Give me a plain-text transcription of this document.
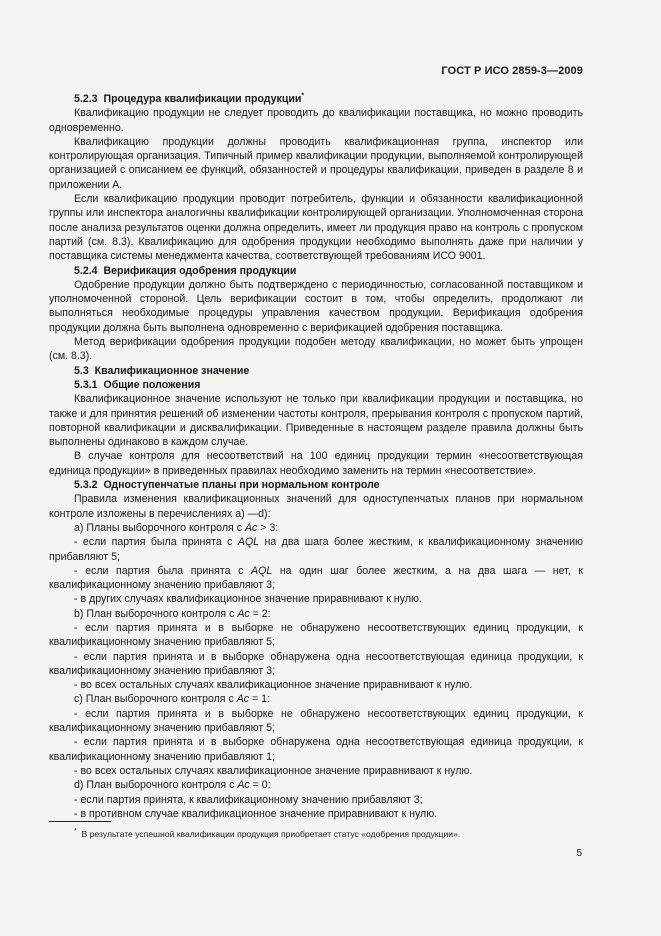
ГОСТ Р ИСО 2859-3—2009

5.2.3 Процедура квалификации продукции*

Квалификацию продукции не следует проводить до квалификации поставщика, но можно проводить одновременно.

Квалификацию продукции должны проводить квалификационная группа, инспектор или контролирующая организация. Типичный пример квалификации продукции, выполняемой контролирующей организацией с описанием ее функций, обязанностей и процедуры квалификации, приведен в разделе 8 и приложении А.

Если квалификацию продукции проводит потребитель, функции и обязанности квалификационной группы или инспектора аналогичны квалификации контролирующей организации. Уполномоченная сторона после анализа результатов оценки должна определить, имеет ли продукция право на контроль с пропуском партий (см. 8.3). Квалификацию для одобрения продукции необходимо выполнять даже при наличии у поставщика системы менеджмента качества, соответствующей требованиям ИСО 9001.

5.2.4 Верификация одобрения продукции

Одобрение продукции должно быть подтверждено с периодичностью, согласованной поставщиком и уполномоченной стороной. Цель верификации состоит в том, чтобы определить, продолжают ли выполняться необходимые процедуры управления качеством продукции. Верификация одобрения продукции должна быть выполнена одновременно с верификацией одобрения поставщика.

Метод верификации одобрения продукции подобен методу квалификации, но может быть упрощен (см. 8.3).

5.3 Квалификационное значение

5.3.1 Общие положения

Квалификационное значение используют не только при квалификации продукции и поставщика, но также и для принятия решений об изменении частоты контроля, прерывания контроля с пропуском партий, повторной квалификации и дисквалификации. Приведенные в настоящем разделе правила должны быть выполнены одинаково в каждом случае.

В случае контроля для несоответствий на 100 единиц продукции термин «несоответствующая единица продукции» в приведенных правилах необходимо заменить на термин «несоответствие».

5.3.2 Одноступенчатые планы при нормальном контроле

Правила изменения квалификационных значений для одноступенчатых планов при нормальном контроле изложены в перечислениях а) —d):

а) Планы выборочного контроля с Ac > 3:

- если партия была принята с AQL на два шага более жестким, к квалификационному значению прибавляют 5;

- если партия была принята с AQL на один шаг более жестким, а на два шага — нет, к квалификационному значению прибавляют 3;

- в других случаях квалификационное значение приравнивают к нулю.

b) План выборочного контроля с Ac = 2:

- если партия принята и в выборке не обнаружено несоответствующих единиц продукции, к квалификационному значению прибавляют 5;

- если партия принята и в выборке обнаружена одна несоответствующая единица продукции, к квалификационному значению прибавляют 3;

- во всех остальных случаях квалификационное значение приравнивают к нулю.

с) План выборочного контроля с Ac = 1:

- если партия принята и в выборке не обнаружено несоответствующих единиц продукции, к квалификационному значению прибавляют 5;

- если партия принята и в выборке обнаружена одна несоответствующая единица продукции, к квалификационному значению прибавляют 1;

- во всех остальных случаях квалификационное значение приравнивают к нулю.

d) План выборочного контроля с Ac = 0:

- если партия принята, к квалификационному значению прибавляют 3;

- в противном случае квалификационное значение приравнивают к нулю.

* В результате успешной квалификации продукция приобретает статус «одобрения продукции».
5
